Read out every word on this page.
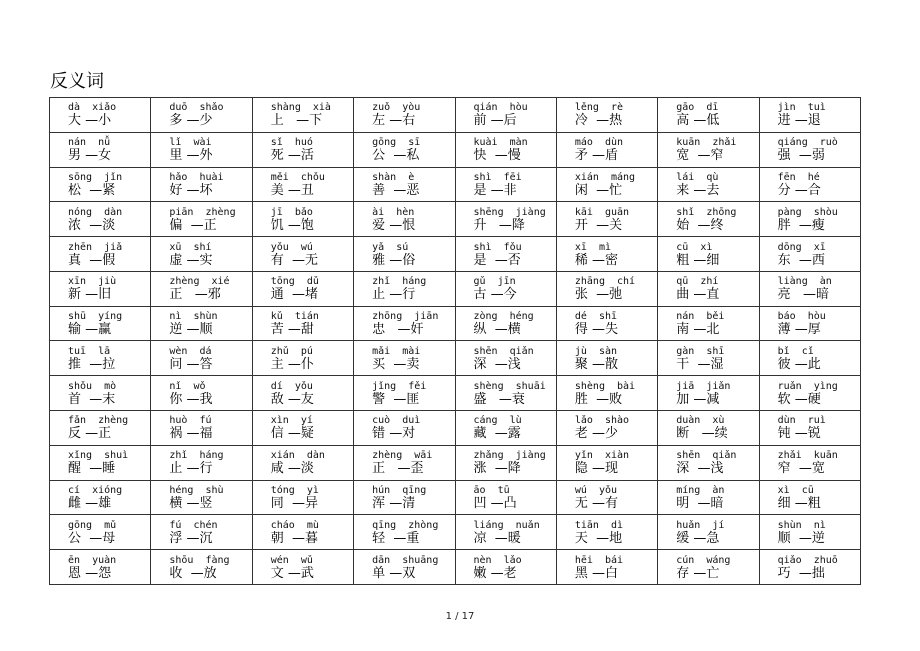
反义词
dà  xiǎo
大 —小
duō  shǎo
多 —少
shàng  xià
上   —下
zuǒ  yòu
左 —右
qián  hòu
前 —后
lěng  rè
冷  —热
gāo  dī
高 —低
jìn  tuì
进 —退
nán  nǚ
男 —女
lǐ  wài
里 —外
sǐ  huó
死 —活
gōng  sī
公  —私
kuài  màn
快  —慢
máo  dùn
矛 —盾
kuān  zhǎi
宽  —窄
qiáng  ruò
强  —弱
sōng  jǐn
松  —紧
hǎo  huài
好 —坏
měi  chǒu
美 —丑
shàn  è
善  —恶
shì  fēi
是 —非
xián  máng
闲  —忙
lái  qù
来 —去
fēn  hé
分 —合
nóng  dàn
浓  —淡
piān  zhèng
偏  —正
jī  bǎo
饥 —饱
ài  hèn
爱 —恨
shēng  jiàng
升   —降
kāi  guān
开  —关
shǐ  zhōng
始  —终
pàng  shòu
胖  —瘦
zhēn  jiǎ
真  —假
xū  shí
虚 —实
yǒu  wú
有  —无
yǎ  sú
雅 —俗
shì  fǒu
是  —否
xī  mì
稀 —密
cū  xì
粗 —细
dōng  xī
东  —西
xīn  jiù
新 —旧
zhèng  xié
正   —邪
tōng  dǔ
通  —堵
zhǐ  háng
止 —行
gǔ  jīn
古 —今
zhāng  chí
张  —弛
qū  zhí
曲 —直
liàng  àn
亮   —暗
shū  yíng
输 —赢
nì  shùn
逆 —顺
kǔ  tián
苦 —甜
zhōng  jiān
忠   —奸
zòng  héng
纵  —横
dé  shī
得 —失
nán  běi
南 —北
báo  hòu
薄 —厚
tuī  lā
推  —拉
wèn  dá
问 —答
zhǔ  pú
主 —仆
mǎi  mài
买  —卖
shēn  qiǎn
深  —浅
jù  sàn
聚 —散
gàn  shī
干  —湿
bǐ  cǐ
彼 —此
shǒu  mò
首  —末
nǐ  wǒ
你 —我
dí  yǒu
敌 —友
jǐng  fěi
警  —匪
shèng  shuāi
盛   —衰
shèng  bài
胜  —败
jiā  jiǎn
加 —减
ruǎn  yìng
软 —硬
fǎn  zhèng
反 —正
huò  fú
祸 —福
xìn  yí
信 —疑
cuò  duì
错 —对
cáng  lù
藏  —露
lǎo  shào
老 —少
duàn  xù
断   —续
dùn  ruì
钝 —锐
xǐng  shuì
醒  —睡
zhǐ  háng
止 —行
xián  dàn
咸 —淡
zhèng  wāi
正   —歪
zhǎng  jiàng
涨  —降
yǐn  xiàn
隐 —现
shēn  qiǎn
深  —浅
zhǎi  kuān
窄  —宽
cí  xióng
雌 —雄
héng  shù
横 —竖
tóng  yì
同  —异
hún  qīng
浑 —清
āo  tū
凹 —凸
wú  yǒu
无 —有
míng  àn
明  —暗
xì  cū
细 —粗
gōng  mǔ
公  —母
fú  chén
浮 —沉
cháo  mù
朝  —暮
qīng  zhòng
轻  —重
liáng  nuǎn
凉  —暖
tiān  dì
天  —地
huǎn  jí
缓 —急
shùn  nì
顺  —逆
ēn  yuàn
恩 —怨
shōu  fàng
收  —放
wén  wǔ
文 —武
dān  shuāng
单 —双
nèn  lǎo
嫩 —老
hēi  bái
黑 —白
cún  wáng
存 —亡
qiǎo  zhuō
巧  —拙
1 / 17
